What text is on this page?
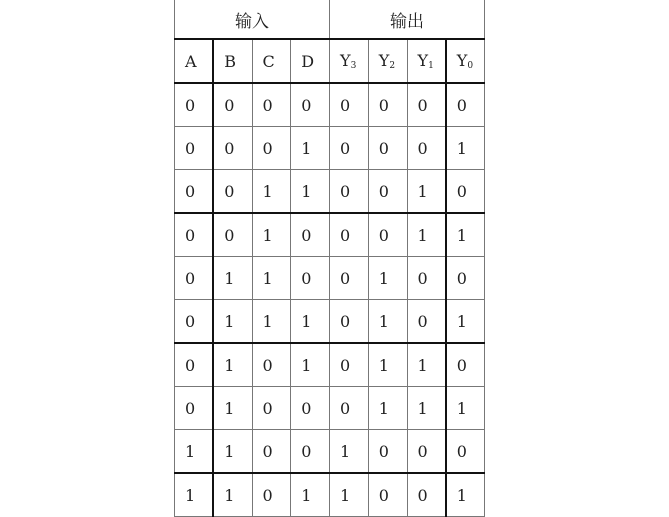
输入				输出			
A	B	C	D	$Y_3$	$Y_2$	$Y_1$	$Y_0$
0	0	0	0	0	0	0	0
0	0	0	1	0	0	0	1
0	0	1	1	0	0	1	0
0	0	1	0	0	0	1	1
0	1	1	0	0	1	0	0
0	1	1	1	0	1	0	1
0	1	0	1	0	1	1	0
0	1	0	0	0	1	1	1
1	1	0	0	1	0	0	0
1	1	0	1	1	0	0	1
